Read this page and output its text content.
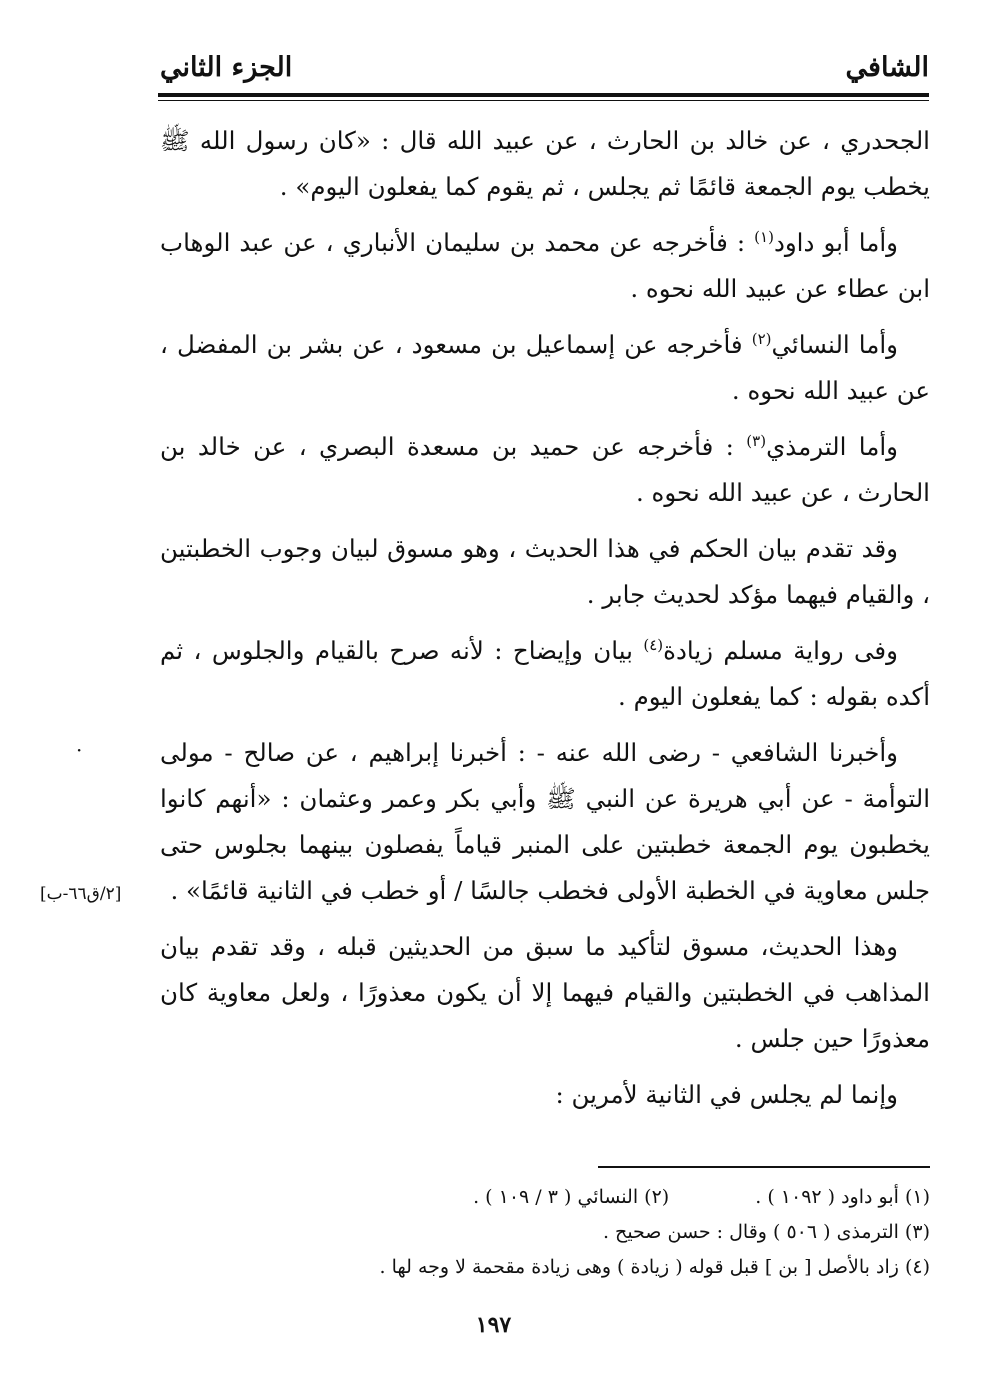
الشافي
الجزء الثاني

الجحدري ، عن خالد بن الحارث ، عن عبيد الله قال : «كان رسول الله ﷺ يخطب يوم الجمعة قائمًا ثم يجلس ، ثم يقوم كما يفعلون اليوم» .

وأما أبو داود$^{(١)}$ : فأخرجه عن محمد بن سليمان الأنباري ، عن عبد الوهاب ابن عطاء عن عبيد الله نحوه .

وأما النسائي$^{(٢)}$ فأخرجه عن إسماعيل بن مسعود ، عن بشر بن المفضل ، عن عبيد الله نحوه .

وأما الترمذي$^{(٣)}$ : فأخرجه عن حميد بن مسعدة البصري ، عن خالد بن الحارث ، عن عبيد الله نحوه .

وقد تقدم بيان الحكم في هذا الحديث ، وهو مسوق لبيان وجوب الخطبتين ، والقيام فيهما مؤكد لحديث جابر .

وفى رواية مسلم زيادة$^{(٤)}$ بيان وإيضاح : لأنه صرح بالقيام والجلوس ، ثم أكده بقوله : كما يفعلون اليوم .

وأخبرنا الشافعي - رضى الله عنه - : أخبرنا إبراهيم ، عن صالح - مولى التوأمة - عن أبي هريرة عن النبي ﷺ وأبي بكر وعمر وعثمان : «أنهم كانوا يخطبون يوم الجمعة خطبتين على المنبر قياماً يفصلون بينهما بجلوس حتى جلس معاوية في الخطبة الأولى فخطب جالسًا / أو خطب في الثانية قائمًا» .

وهذا الحديث، مسوق لتأكيد ما سبق من الحديثين قبله ، وقد تقدم بيان المذاهب في الخطبتين والقيام فيهما إلا أن يكون معذورًا ، ولعل معاوية كان معذورًا حين جلس .

وإنما لم يجلس في الثانية لأمرين :

·
[٢/ق٦٦-ب]
(١) أبو داود ( ١٠٩٢ ) . (٢) النسائي ( ٣ / ١٠٩ ) .
(٣) الترمذى ( ٥٠٦ ) وقال : حسن صحيح .
(٤) زاد بالأصل [ بن ] قبل قوله ( زيادة ) وهى زيادة مقحمة لا وجه لها .
١٩٧
